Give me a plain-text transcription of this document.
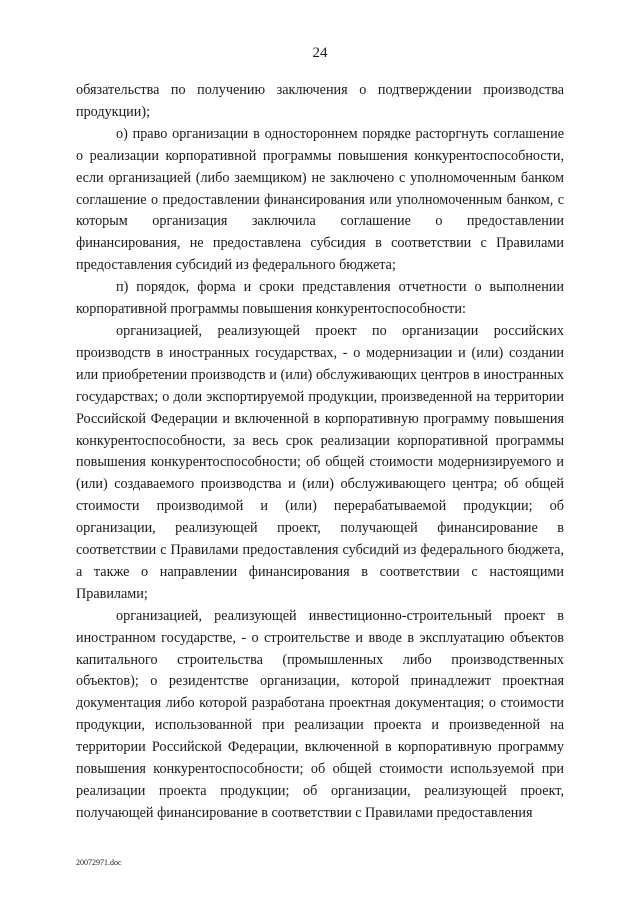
24

обязательства по получению заключения о подтверждении производства продукции);

о) право организации в одностороннем порядке расторгнуть соглашение о реализации корпоративной программы повышения конкурентоспособности, если организацией (либо заемщиком) не заключено с уполномоченным банком соглашение о предоставлении финансирования или уполномоченным банком, с которым организация заключила соглашение о предоставлении финансирования, не предоставлена субсидия в соответствии с Правилами предоставления субсидий из федерального бюджета;

п) порядок, форма и сроки представления отчетности о выполнении корпоративной программы повышения конкурентоспособности:

организацией, реализующей проект по организации российских производств в иностранных государствах, - о модернизации и (или) создании или приобретении производств и (или) обслуживающих центров в иностранных государствах; о доли экспортируемой продукции, произведенной на территории Российской Федерации и включенной в корпоративную программу повышения конкурентоспособности, за весь срок реализации корпоративной программы повышения конкурентоспособности; об общей стоимости модернизируемого и (или) создаваемого производства и (или) обслуживающего центра; об общей стоимости производимой и (или) перерабатываемой продукции; об организации, реализующей проект, получающей финансирование в соответствии с Правилами предоставления субсидий из федерального бюджета, а также о направлении финансирования в соответствии с настоящими Правилами;

организацией, реализующей инвестиционно-строительный проект в иностранном государстве, - о строительстве и вводе в эксплуатацию объектов капитального строительства (промышленных либо производственных объектов); о резидентстве организации, которой принадлежит проектная документация либо которой разработана проектная документация; о стоимости продукции, использованной при реализации проекта и произведенной на территории Российской Федерации, включенной в корпоративную программу повышения конкурентоспособности; об общей стоимости используемой при реализации проекта продукции; об организации, реализующей проект, получающей финансирование в соответствии с Правилами предоставления

20072971.doc
